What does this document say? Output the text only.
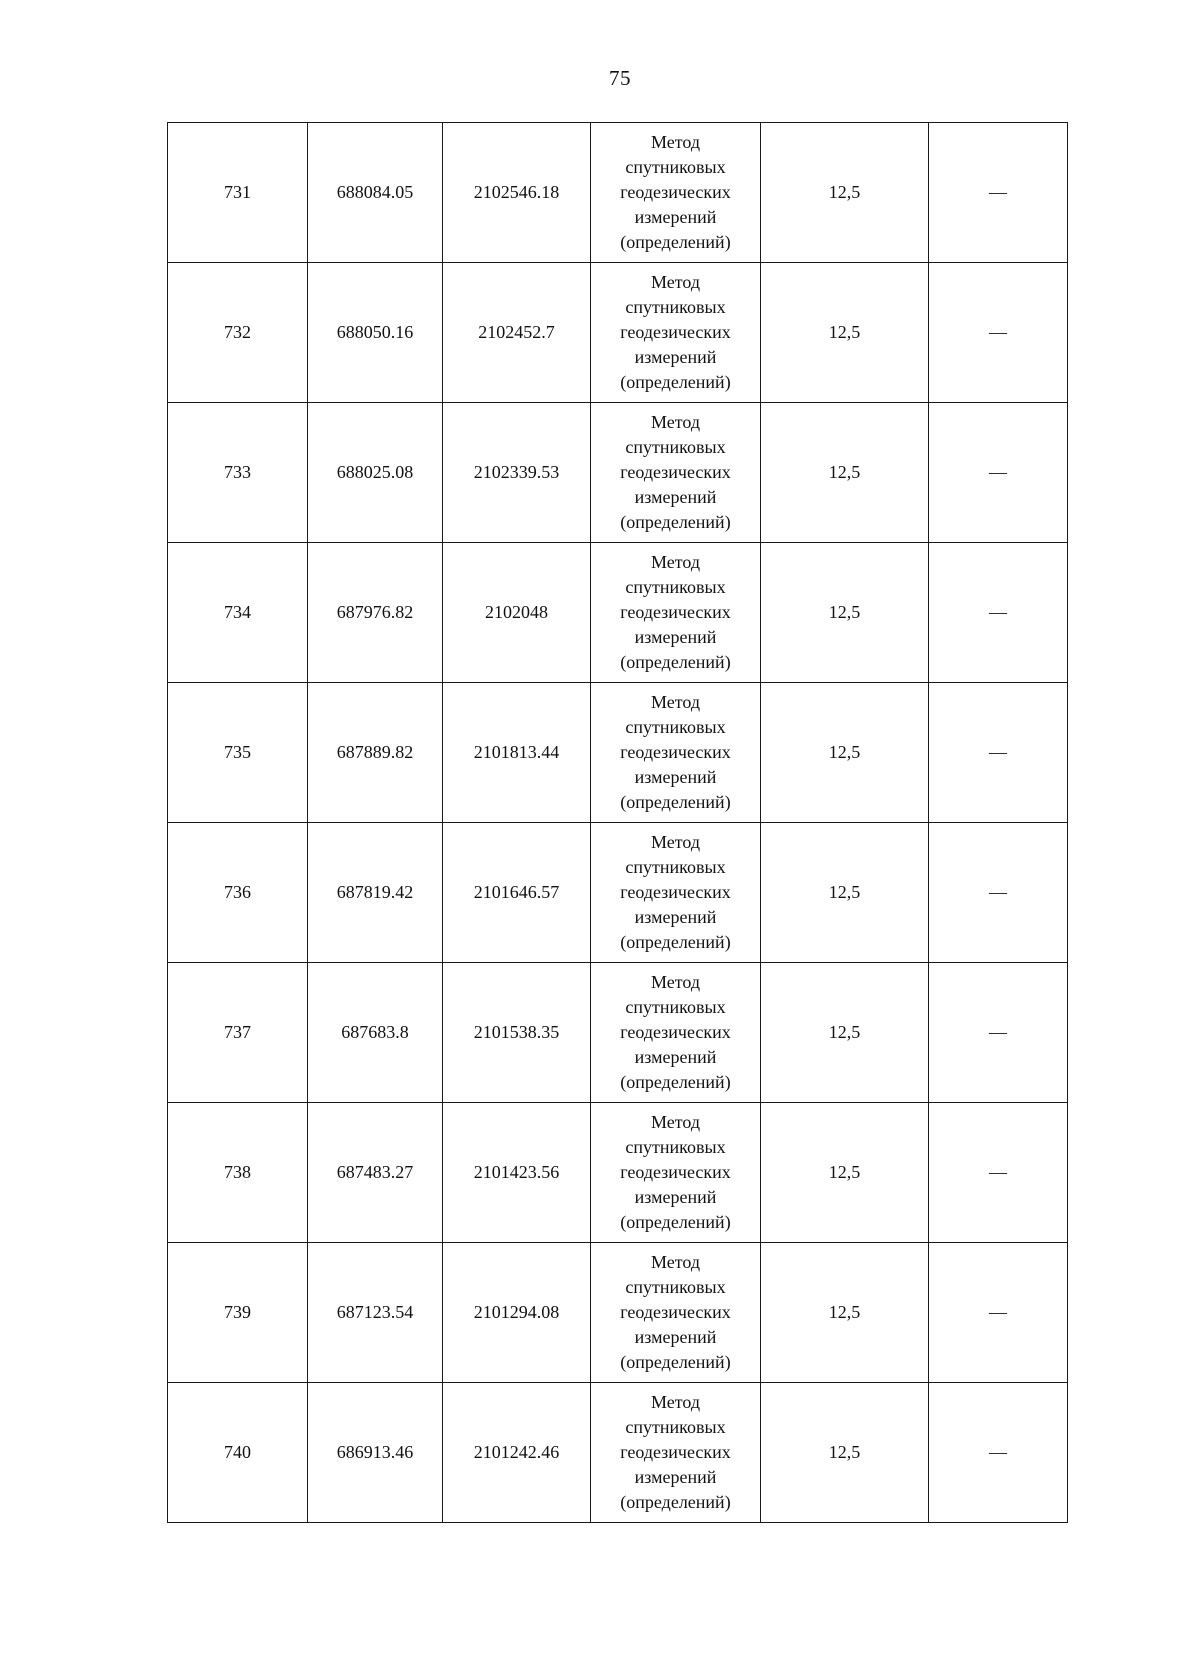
75
731	688084.05	2102546.18	Метод
спутниковых
геодезических
измерений
(определений)	12,5	—
732	688050.16	2102452.7	Метод
спутниковых
геодезических
измерений
(определений)	12,5	—
733	688025.08	2102339.53	Метод
спутниковых
геодезических
измерений
(определений)	12,5	—
734	687976.82	2102048	Метод
спутниковых
геодезических
измерений
(определений)	12,5	—
735	687889.82	2101813.44	Метод
спутниковых
геодезических
измерений
(определений)	12,5	—
736	687819.42	2101646.57	Метод
спутниковых
геодезических
измерений
(определений)	12,5	—
737	687683.8	2101538.35	Метод
спутниковых
геодезических
измерений
(определений)	12,5	—
738	687483.27	2101423.56	Метод
спутниковых
геодезических
измерений
(определений)	12,5	—
739	687123.54	2101294.08	Метод
спутниковых
геодезических
измерений
(определений)	12,5	—
740	686913.46	2101242.46	Метод
спутниковых
геодезических
измерений
(определений)	12,5	—
